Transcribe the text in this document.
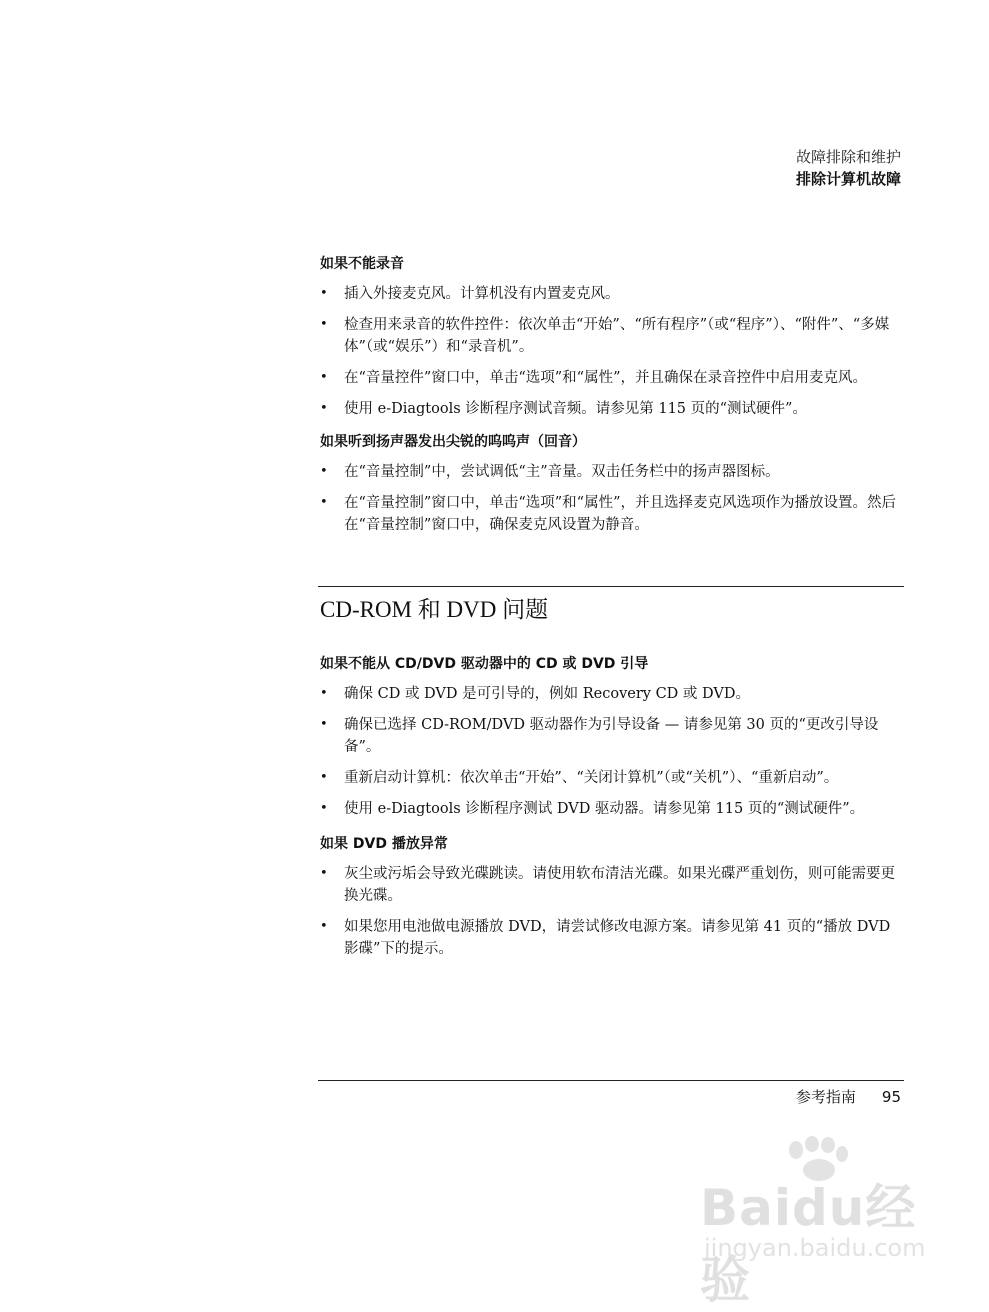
故障排除和维护
排除计算机故障
如果不能录音
• 插入外接麦克风。计算机没有内置麦克风。
• 检查用来录音的软件控件：依次单击“开始”、“所有程序”（或“程序”）、“附件”、“多媒体”（或“娱乐”）和“录音机”。
• 在“音量控件”窗口中，单击“选项”和“属性”，并且确保在录音控件中启用麦克风。
• 使用 e-Diagtools 诊断程序测试音频。请参见第 115 页的“测试硬件”。
如果听到扬声器发出尖锐的呜呜声（回音）
• 在“音量控制”中，尝试调低“主”音量。双击任务栏中的扬声器图标。
• 在“音量控制”窗口中，单击“选项”和“属性”，并且选择麦克风选项作为播放设置。然后在“音量控制”窗口中，确保麦克风设置为静音。
CD-ROM 和 DVD 问题
如果不能从 CD/DVD 驱动器中的 CD 或 DVD 引导
• 确保 CD 或 DVD 是可引导的，例如 Recovery CD 或 DVD。
• 确保已选择 CD-ROM/DVD 驱动器作为引导设备 — 请参见第 30 页的“更改引导设备”。
• 重新启动计算机：依次单击“开始”、“关闭计算机”（或“关机”）、“重新启动”。
• 使用 e-Diagtools 诊断程序测试 DVD 驱动器。请参见第 115 页的“测试硬件”。
如果 DVD 播放异常
• 灰尘或污垢会导致光碟跳读。请使用软布清洁光碟。如果光碟严重划伤，则可能需要更换光碟。
• 如果您用电池做电源播放 DVD，请尝试修改电源方案。请参见第 41 页的“播放 DVD 影碟”下的提示。
参考指南 95
Baidu经验
jingyan.baidu.com
